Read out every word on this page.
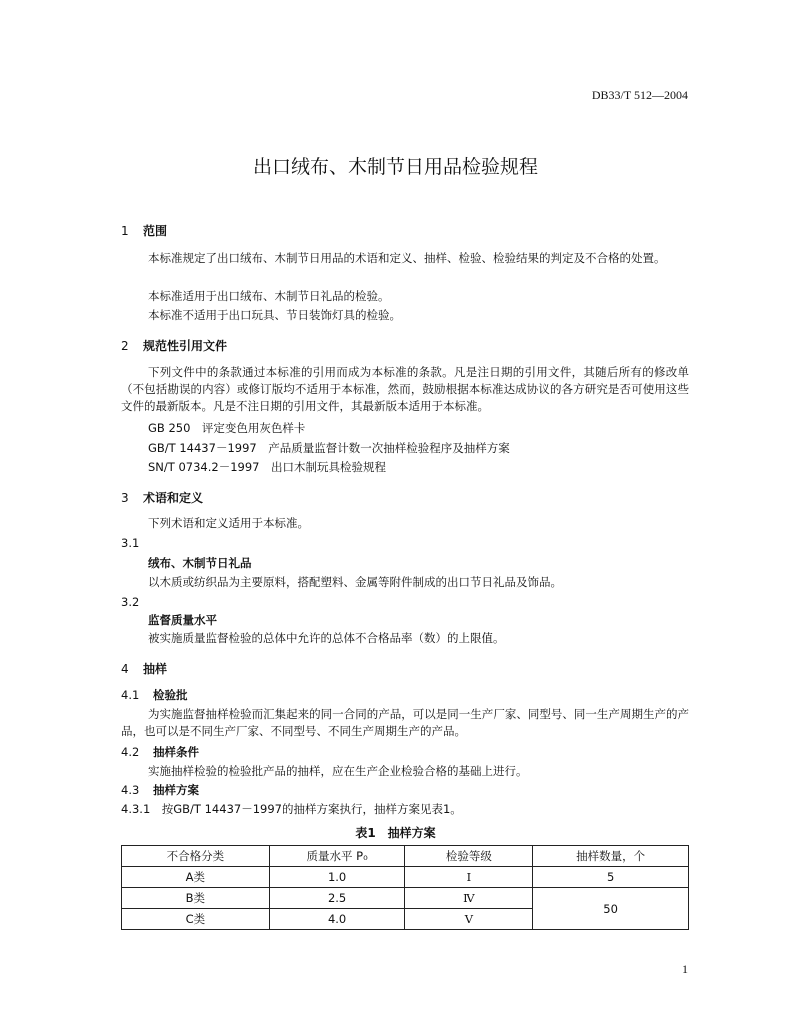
DB33/T 512—2004
出口绒布、木制节日用品检验规程
1 范围
本标准规定了出口绒布、木制节日用品的术语和定义、抽样、检验、检验结果的判定及不合格的处置。
本标准适用于出口绒布、木制节日礼品的检验。
本标准不适用于出口玩具、节日装饰灯具的检验。
2 规范性引用文件
下列文件中的条款通过本标准的引用而成为本标准的条款。凡是注日期的引用文件，其随后所有的修改单（不包括勘误的内容）或修订版均不适用于本标准，然而，鼓励根据本标准达成协议的各方研究是否可使用这些文件的最新版本。凡是不注日期的引用文件，其最新版本适用于本标准。
GB 250　评定变色用灰色样卡
GB/T 14437－1997　产品质量监督计数一次抽样检验程序及抽样方案
SN/T 0734.2－1997　出口木制玩具检验规程
3 术语和定义
下列术语和定义适用于本标准。
3.1
绒布、木制节日礼品
以木质或纺织品为主要原料，搭配塑料、金属等附件制成的出口节日礼品及饰品。
3.2
监督质量水平
被实施质量监督检验的总体中允许的总体不合格品率（数）的上限值。
4 抽样
4.1 检验批
为实施监督抽样检验而汇集起来的同一合同的产品，可以是同一生产厂家、同型号、同一生产周期生产的产品，也可以是不同生产厂家、不同型号、不同生产周期生产的产品。
4.2 抽样条件
实施抽样检验的检验批产品的抽样，应在生产企业检验合格的基础上进行。
4.3 抽样方案
4.3.1　按GB/T 14437－1997的抽样方案执行，抽样方案见表1。
表1　抽样方案
不合格分类	质量水平 P₀	检验等级	抽样数量，个
A类	1.0	Ⅰ	5
B类	2.5	Ⅳ	50
C类	4.0	Ⅴ	
1
